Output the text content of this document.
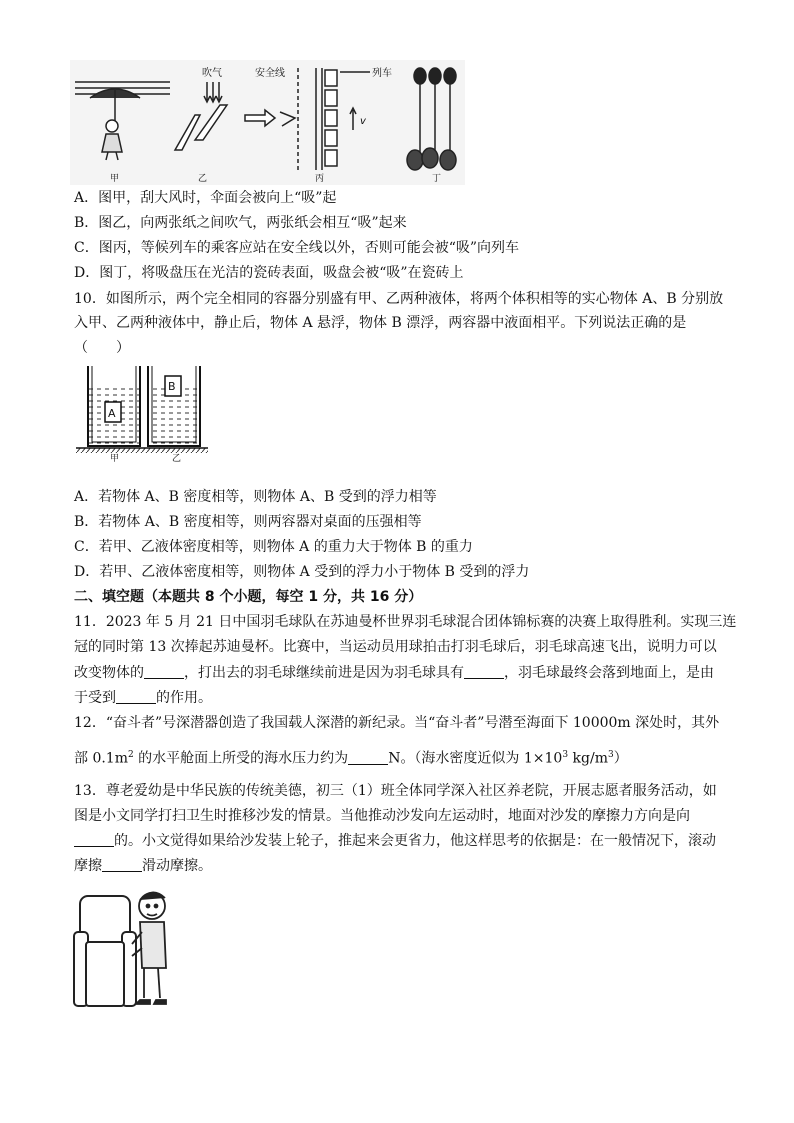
吹气	安全线	列车
v
甲	乙	丙	丁
A．图甲，刮大风时，伞面会被向上“吸”起
B．图乙，向两张纸之间吹气，两张纸会相互“吸”起来
C．图丙，等候列车的乘客应站在安全线以外，否则可能会被“吸”向列车
D．图丁，将吸盘压在光洁的瓷砖表面，吸盘会被“吸”在瓷砖上
10．如图所示，两个完全相同的容器分别盛有甲、乙两种液体，将两个体积相等的实心物体 A、B 分别放
入甲、乙两种液体中，静止后，物体 A 悬浮，物体 B 漂浮，两容器中液面相平。下列说法正确的是
（　　）
A
B
甲	乙
A．若物体 A、B 密度相等，则物体 A、B 受到的浮力相等
B．若物体 A、B 密度相等，则两容器对桌面的压强相等
C．若甲、乙液体密度相等，则物体 A 的重力大于物体 B 的重力
D．若甲、乙液体密度相等，则物体 A 受到的浮力小于物体 B 受到的浮力
二、填空题（本题共 8 个小题，每空 1 分，共 16 分）
11．2023 年 5 月 21 日中国羽毛球队在苏迪曼杯世界羽毛球混合团体锦标赛的决赛上取得胜利。实现三连
冠的同时第 13 次捧起苏迪曼杯。比赛中，当运动员用球拍击打羽毛球后，羽毛球高速飞出，说明力可以
改变物体的	，打出去的羽毛球继续前进是因为羽毛球具有	，羽毛球最终会落到地面上，是由
于受到	的作用。
12．“奋斗者”号深潜器创造了我国载人深潜的新纪录。当“奋斗者”号潜至海面下 10000m 深处时，其外
部 $0.1m^2$ 的水平舱面上所受的海水压力约为	N。（海水密度近似为 $1\times 10^3$ $kg/m^3$）
13．尊老爱幼是中华民族的传统美德，初三（1）班全体同学深入社区养老院，开展志愿者服务活动，如
图是小文同学打扫卫生时推移沙发的情景。当他推动沙发向左运动时，地面对沙发的摩擦力方向是向
的。小文觉得如果给沙发装上轮子，推起来会更省力，他这样思考的依据是：在一般情况下，滚动
摩擦	滑动摩擦。
